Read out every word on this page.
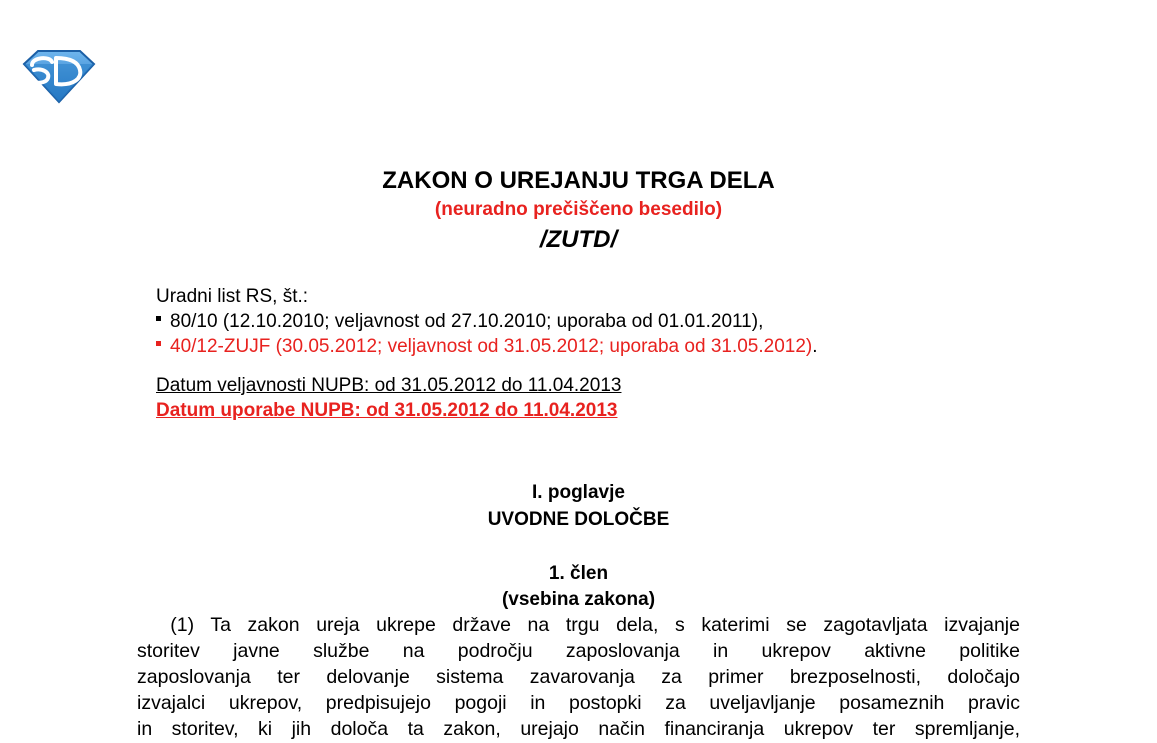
ZAKON O UREJANJU TRGA DELA
(neuradno prečiščeno besedilo)
/ZUTD/
Uradni list RS, št.:
80/10 (12.10.2010; veljavnost od 27.10.2010; uporaba od 01.01.2011),
40/12-ZUJF (30.05.2012; veljavnost od 31.05.2012; uporaba od 31.05.2012).
Datum veljavnosti NUPB: od 31.05.2012 do 11.04.2013
Datum uporabe NUPB: od 31.05.2012 do 11.04.2013
I. poglavje
UVODNE DOLOČBE
1. člen
(vsebina zakona)
(1) Ta zakon ureja ukrepe države na trgu dela, s katerimi se zagotavljata izvajanje
storitev javne službe na področju zaposlovanja in ukrepov aktivne politike
zaposlovanja ter delovanje sistema zavarovanja za primer brezposelnosti, določajo
izvajalci ukrepov, predpisujejo pogoji in postopki za uveljavljanje posameznih pravic
in storitev, ki jih določa ta zakon, urejajo način financiranja ukrepov ter spremljanje,
